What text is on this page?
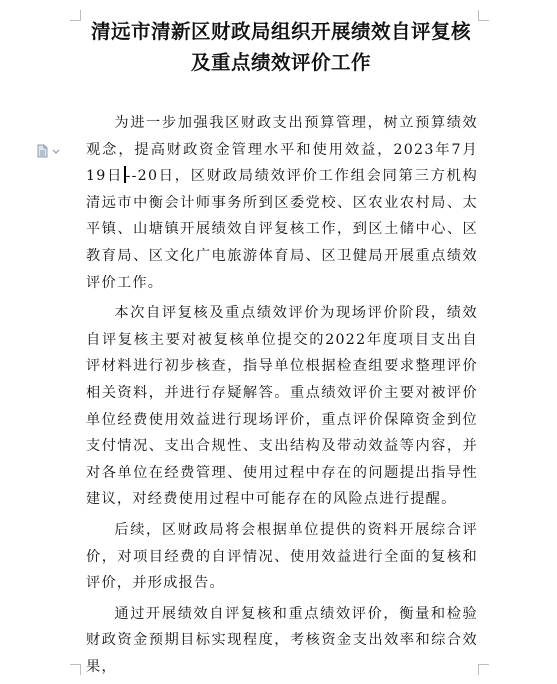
清远市清新区财政局组织开展绩效自评复核及重点绩效评价工作

为进一步加强我区财政支出预算管理，树立预算绩效观念，提高财政资金管理水平和使用效益，2023年7月19日 --20日，区财政局绩效评价工作组会同第三方机构清远市中衡会计师事务所到区委党校、区农业农村局、太平镇、山塘镇开展绩效自评复核工作，到区土储中心、区教育局、区文化广电旅游体育局、区卫健局开展重点绩效评价工作。

本次自评复核及重点绩效评价为现场评价阶段，绩效自评复核主要对被复核单位提交的2022年度项目支出自评材料进行初步核查，指导单位根据检查组要求整理评价相关资料，并进行存疑解答。重点绩效评价主要对被评价单位经费使用效益进行现场评价，重点评价保障资金到位支付情况、支出合规性、支出结构及带动效益等内容，并对各单位在经费管理、使用过程中存在的问题提出指导性建议，对经费使用过程中可能存在的风险点进行提醒。

后续，区财政局将会根据单位提供的资料开展综合评价，对项目经费的自评情况、使用效益进行全面的复核和评价，并形成报告。

通过开展绩效自评复核和重点绩效评价，衡量和检验财政资金预期目标实现程度，考核资金支出效率和综合效果，
